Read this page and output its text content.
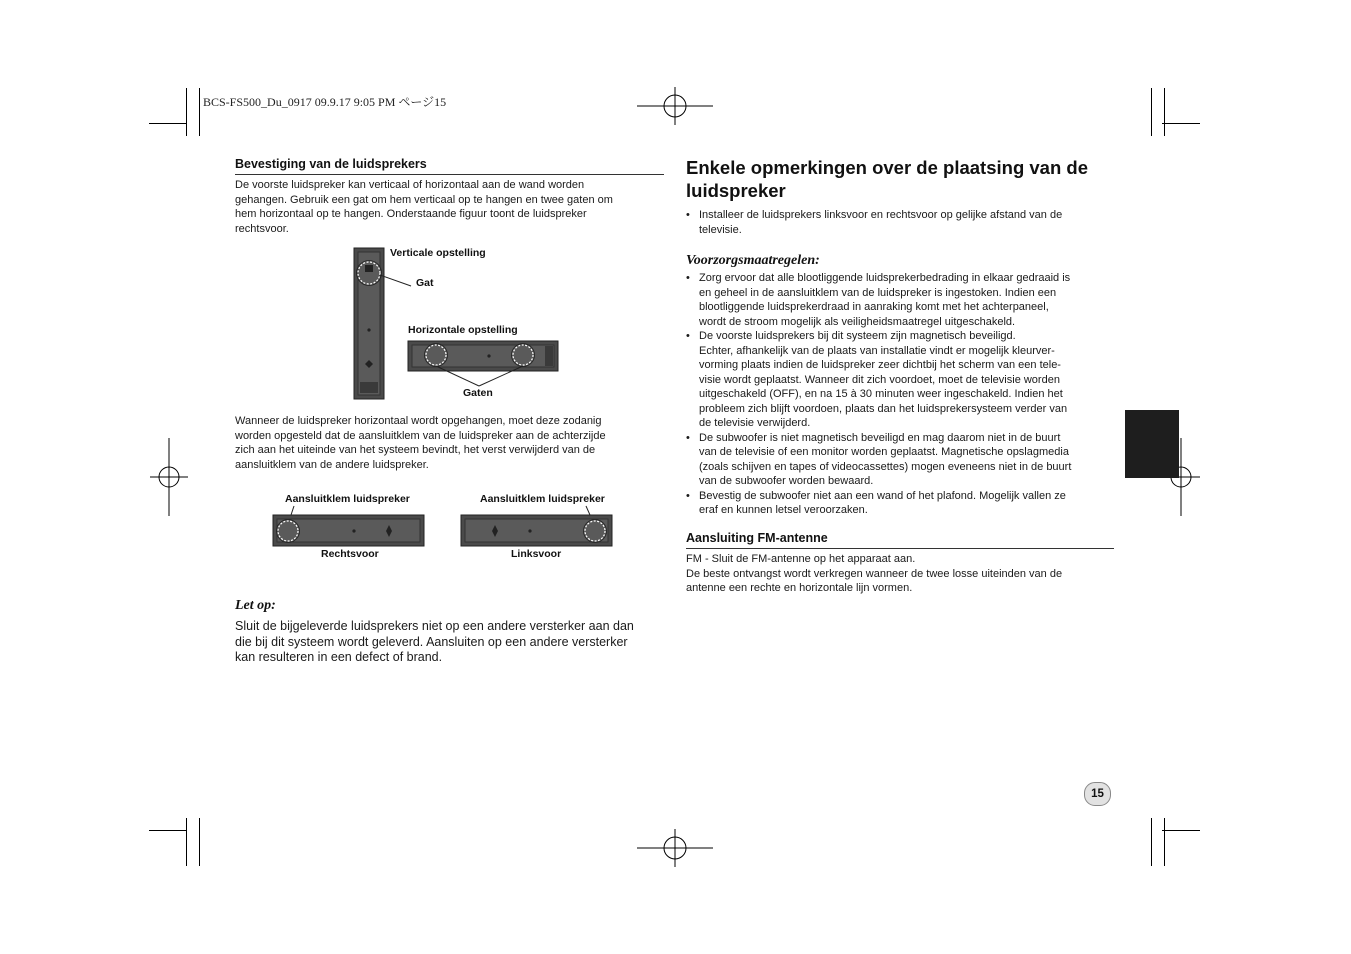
BCS-FS500_Du_0917 09.9.17 9:05 PM ページ15
Bevestiging van de luidsprekers
De voorste luidspreker kan verticaal of horizontaal aan de wand worden
gehangen. Gebruik een gat om hem verticaal op te hangen en twee gaten om
hem horizontaal op te hangen. Onderstaande figuur toont de luidspreker
rechtsvoor.
Verticale opstelling
Gat
Horizontale opstelling
Gaten
Wanneer de luidspreker horizontaal wordt opgehangen, moet deze zodanig
worden opgesteld dat de aansluitklem van de luidspreker aan de achterzijde
zich aan het uiteinde van het systeem bevindt, het verst verwijderd van de
aansluitklem van de andere luidspreker.
Aansluitklem luidspreker	Aansluitklem luidspreker
Rechtsvoor	Linksvoor
Let op:
Sluit de bijgeleverde luidsprekers niet op een andere versterker aan dan
die bij dit systeem wordt geleverd. Aansluiten op een andere versterker
kan resulteren in een defect of brand.
Enkele opmerkingen over de plaatsing van de
luidspreker
• Installeer de luidsprekers linksvoor en rechtsvoor op gelijke afstand van de
televisie.
Voorzorgsmaatregelen:
• Zorg ervoor dat alle blootliggende luidsprekerbedrading in elkaar gedraaid is
en geheel in de aansluitklem van de luidspreker is ingestoken. Indien een
blootliggende luidsprekerdraad in aanraking komt met het achterpaneel,
wordt de stroom mogelijk als veiligheidsmaatregel uitgeschakeld.
• De voorste luidsprekers bij dit systeem zijn magnetisch beveiligd.
Echter, afhankelijk van de plaats van installatie vindt er mogelijk kleurver-
vorming plaats indien de luidspreker zeer dichtbij het scherm van een tele-
visie wordt geplaatst. Wanneer dit zich voordoet, moet de televisie worden
uitgeschakeld (OFF), en na 15 à 30 minuten weer ingeschakeld. Indien het
probleem zich blijft voordoen, plaats dan het luidsprekersysteem verder van
de televisie verwijderd.
• De subwoofer is niet magnetisch beveiligd en mag daarom niet in de buurt
van de televisie of een monitor worden geplaatst. Magnetische opslagmedia
(zoals schijven en tapes of videocassettes) mogen eveneens niet in de buurt
van de subwoofer worden bewaard.
• Bevestig de subwoofer niet aan een wand of het plafond. Mogelijk vallen ze
eraf en kunnen letsel veroorzaken.
Aansluiting FM-antenne
FM - Sluit de FM-antenne op het apparaat aan.
De beste ontvangst wordt verkregen wanneer de twee losse uiteinden van de
antenne een rechte en horizontale lijn vormen.
15
